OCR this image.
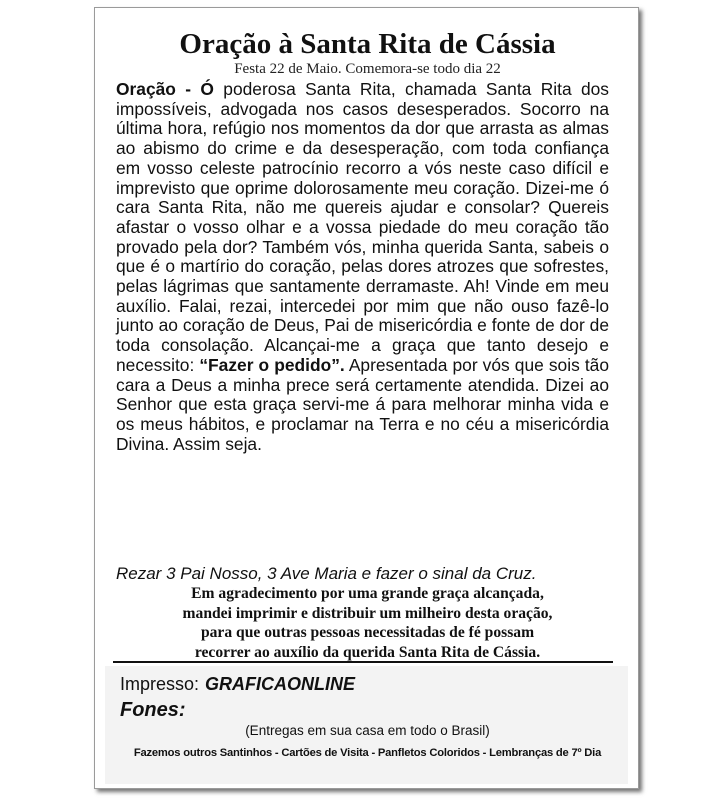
Oração à Santa Rita de Cássia

Festa 22 de Maio. Comemora-se todo dia 22

Oração - Ó poderosa Santa Rita, chamada Santa Rita dos impossíveis, advogada nos casos desesperados. Socorro na última hora, refúgio nos momentos da dor que arrasta as almas ao abismo do crime e da desesperação, com toda confiança em vosso celeste patrocínio recorro a vós neste caso difícil e imprevisto que oprime dolorosamente meu coração. Dizei-me ó cara Santa Rita, não me quereis ajudar e consolar? Quereis afastar o vosso olhar e a vossa piedade do meu coração tão provado pela dor? Também vós, minha querida Santa, sabeis o que é o martírio do coração, pelas dores atrozes que sofrestes, pelas lágrimas que santamente derramaste. Ah! Vinde em meu auxílio. Falai, rezai, intercedei por mim que não ouso fazê-lo junto ao coração de Deus, Pai de misericórdia e fonte de dor de toda consolação. Alcançai-me a graça que tanto desejo e necessito: “Fazer o pedido”. Apresentada por vós que sois tão cara a Deus a minha prece será certamente atendida. Dizei ao Senhor que esta graça servi-me á para melhorar minha vida e os meus hábitos, e proclamar na Terra e no céu a misericórdia Divina. Assim seja.

Rezar 3 Pai Nosso, 3 Ave Maria e fazer o sinal da Cruz.

Em agradecimento por uma grande graça alcançada,
mandei imprimir e distribuir um milheiro desta oração,
para que outras pessoas necessitadas de fé possam
recorrer ao auxílio da querida Santa Rita de Cássia.

Impresso: GRAFICAONLINE

Fones:

(Entregas em sua casa em todo o Brasil)

Fazemos outros Santinhos - Cartões de Visita - Panfletos Coloridos - Lembranças de 7º Dia
